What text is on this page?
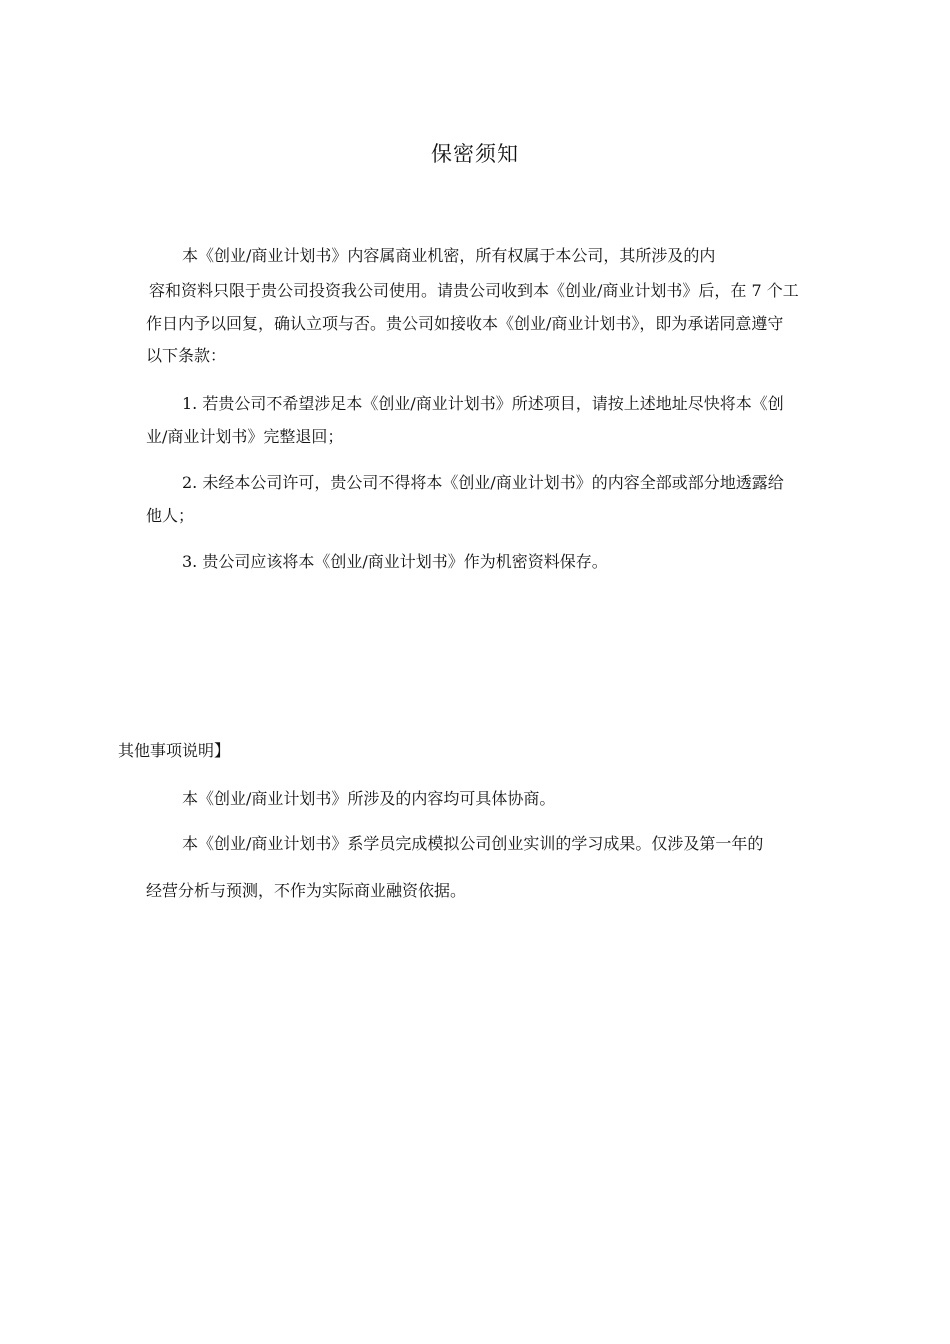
保密须知
本《创业/商业计划书》内容属商业机密，所有权属于本公司，其所涉及的内
容和资料只限于贵公司投资我公司使用。请贵公司收到本《创业/商业计划书》后，在 7 个工
作日内予以回复，确认立项与否。贵公司如接收本《创业/商业计划书》，即为承诺同意遵守
以下条款：
1. 若贵公司不希望涉足本《创业/商业计划书》所述项目，请按上述地址尽快将本《创
业/商业计划书》完整退回；
2. 未经本公司许可，贵公司不得将本《创业/商业计划书》的内容全部或部分地透露给
他人；
3. 贵公司应该将本《创业/商业计划书》作为机密资料保存。
其他事项说明】
本《创业/商业计划书》所涉及的内容均可具体协商。
本《创业/商业计划书》系学员完成模拟公司创业实训的学习成果。仅涉及第一年的
经营分析与预测，不作为实际商业融资依据。
